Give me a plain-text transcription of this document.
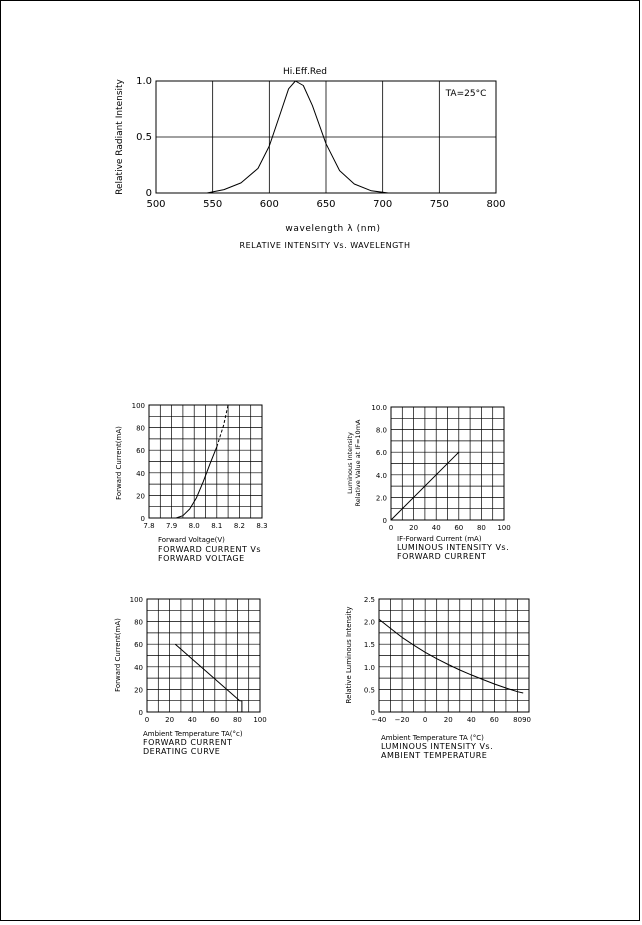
500	550	600	650	700	750	800
0
0.5
1.0
Hi.Eff.Red
TA=25°C
wavelength λ (nm)
Relative Radiant Intensity
RELATIVE INTENSITY Vs. WAVELENGTH
7.8 7.9 8.0 8.1 8.2 8.3
0
20
40
60
80
100
Forward Voltage(V)
Forward Current(mA)
FORWARD CURRENT Vs
FORWARD VOLTAGE
0 20 40 60 80 100
0
2.0
4.0
6.0
8.0
10.0
IF-Forward Current (mA)
Luminous Intensity Relative Value at IF=10mA
LUMINOUS INTENSITY Vs.
FORWARD CURRENT
0 20 40 60 80 100
0
20
40
60
80
100
Ambient Temperature TA(°c)
Forward Current(mA)
FORWARD CURRENT
DERATING CURVE
−40 −20 0 20 40 60 8090
0
0.5
1.0
1.5
2.0
2.5
Ambient Temperature TA (°C)
Relative Luminous Intensity
LUMINOUS INTENSITY Vs.
AMBIENT TEMPERATURE
